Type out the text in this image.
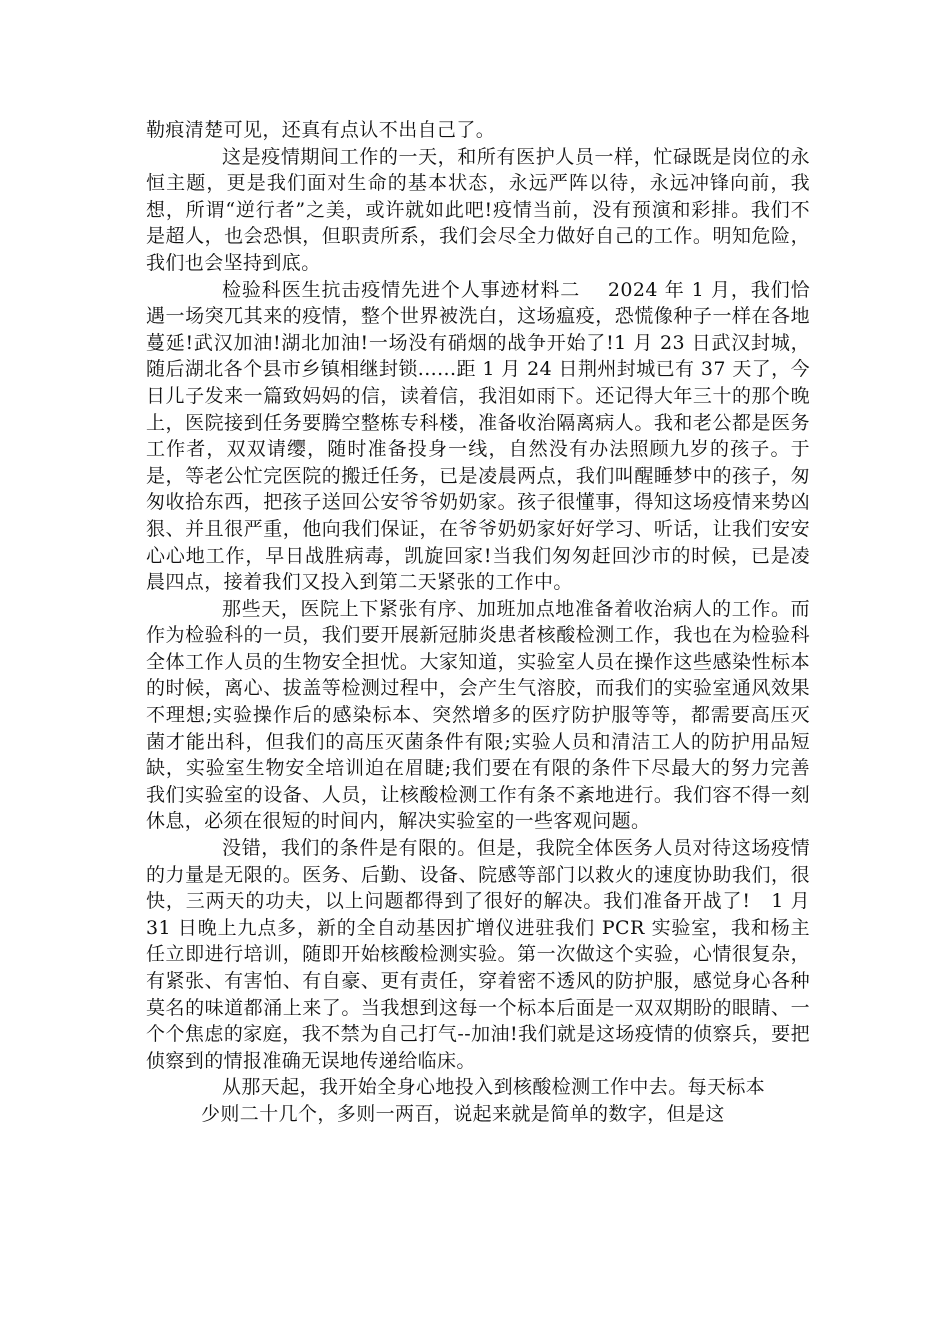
勒痕清楚可见，还真有点认不出自己了。

这是疫情期间工作的一天，和所有医护人员一样，忙碌既是岗位的永恒主题，更是我们面对生命的基本状态，永远严阵以待，永远冲锋向前，我想，所谓“逆行者”之美，或许就如此吧!疫情当前，没有预演和彩排。我们不是超人，也会恐惧，但职责所系，我们会尽全力做好自己的工作。明知危险，我们也会坚持到底。

检验科医生抗击疫情先进个人事迹材料二    2024 年 1 月，我们恰遇一场突兀其来的疫情，整个世界被洗白，这场瘟疫，恐慌像种子一样在各地蔓延!武汉加油!湖北加油!一场没有硝烟的战争开始了!1 月 23 日武汉封城，随后湖北各个县市乡镇相继封锁......距 1 月 24 日荆州封城已有 37 天了，今日儿子发来一篇致妈妈的信，读着信，我泪如雨下。还记得大年三十的那个晚上，医院接到任务要腾空整栋专科楼，准备收治隔离病人。我和老公都是医务工作者，双双请缨，随时准备投身一线，自然没有办法照顾九岁的孩子。于是，等老公忙完医院的搬迁任务，已是凌晨两点，我们叫醒睡梦中的孩子，匆匆收拾东西，把孩子送回公安爷爷奶奶家。孩子很懂事，得知这场疫情来势凶狠、并且很严重，他向我们保证，在爷爷奶奶家好好学习、听话，让我们安安心心地工作，早日战胜病毒，凯旋回家!当我们匆匆赶回沙市的时候，已是凌晨四点，接着我们又投入到第二天紧张的工作中。

那些天，医院上下紧张有序、加班加点地准备着收治病人的工作。而作为检验科的一员，我们要开展新冠肺炎患者核酸检测工作，我也在为检验科全体工作人员的生物安全担忧。大家知道，实验室人员在操作这些感染性标本的时候，离心、拔盖等检测过程中，会产生气溶胶，而我们的实验室通风效果不理想;实验操作后的感染标本、突然增多的医疗防护服等等，都需要高压灭菌才能出科，但我们的高压灭菌条件有限;实验人员和清洁工人的防护用品短缺，实验室生物安全培训迫在眉睫;我们要在有限的条件下尽最大的努力完善我们实验室的设备、人员，让核酸检测工作有条不紊地进行。我们容不得一刻休息，必须在很短的时间内，解决实验室的一些客观问题。

没错，我们的条件是有限的。但是，我院全体医务人员对待这场疫情的力量是无限的。医务、后勤、设备、院感等部门以救火的速度协助我们，很快，三两天的功夫，以上问题都得到了很好的解决。我们准备开战了!   1 月 31 日晚上九点多，新的全自动基因扩增仪进驻我们 PCR 实验室，我和杨主任立即进行培训，随即开始核酸检测实验。第一次做这个实验，心情很复杂，有紧张、有害怕、有自豪、更有责任，穿着密不透风的防护服，感觉身心各种莫名的味道都涌上来了。当我想到这每一个标本后面是一双双期盼的眼睛、一个个焦虑的家庭，我不禁为自己打气--加油!我们就是这场疫情的侦察兵，要把侦察到的情报准确无误地传递给临床。

从那天起，我开始全身心地投入到核酸检测工作中去。每天标本

少则二十几个，多则一两百，说起来就是简单的数字，但是这
